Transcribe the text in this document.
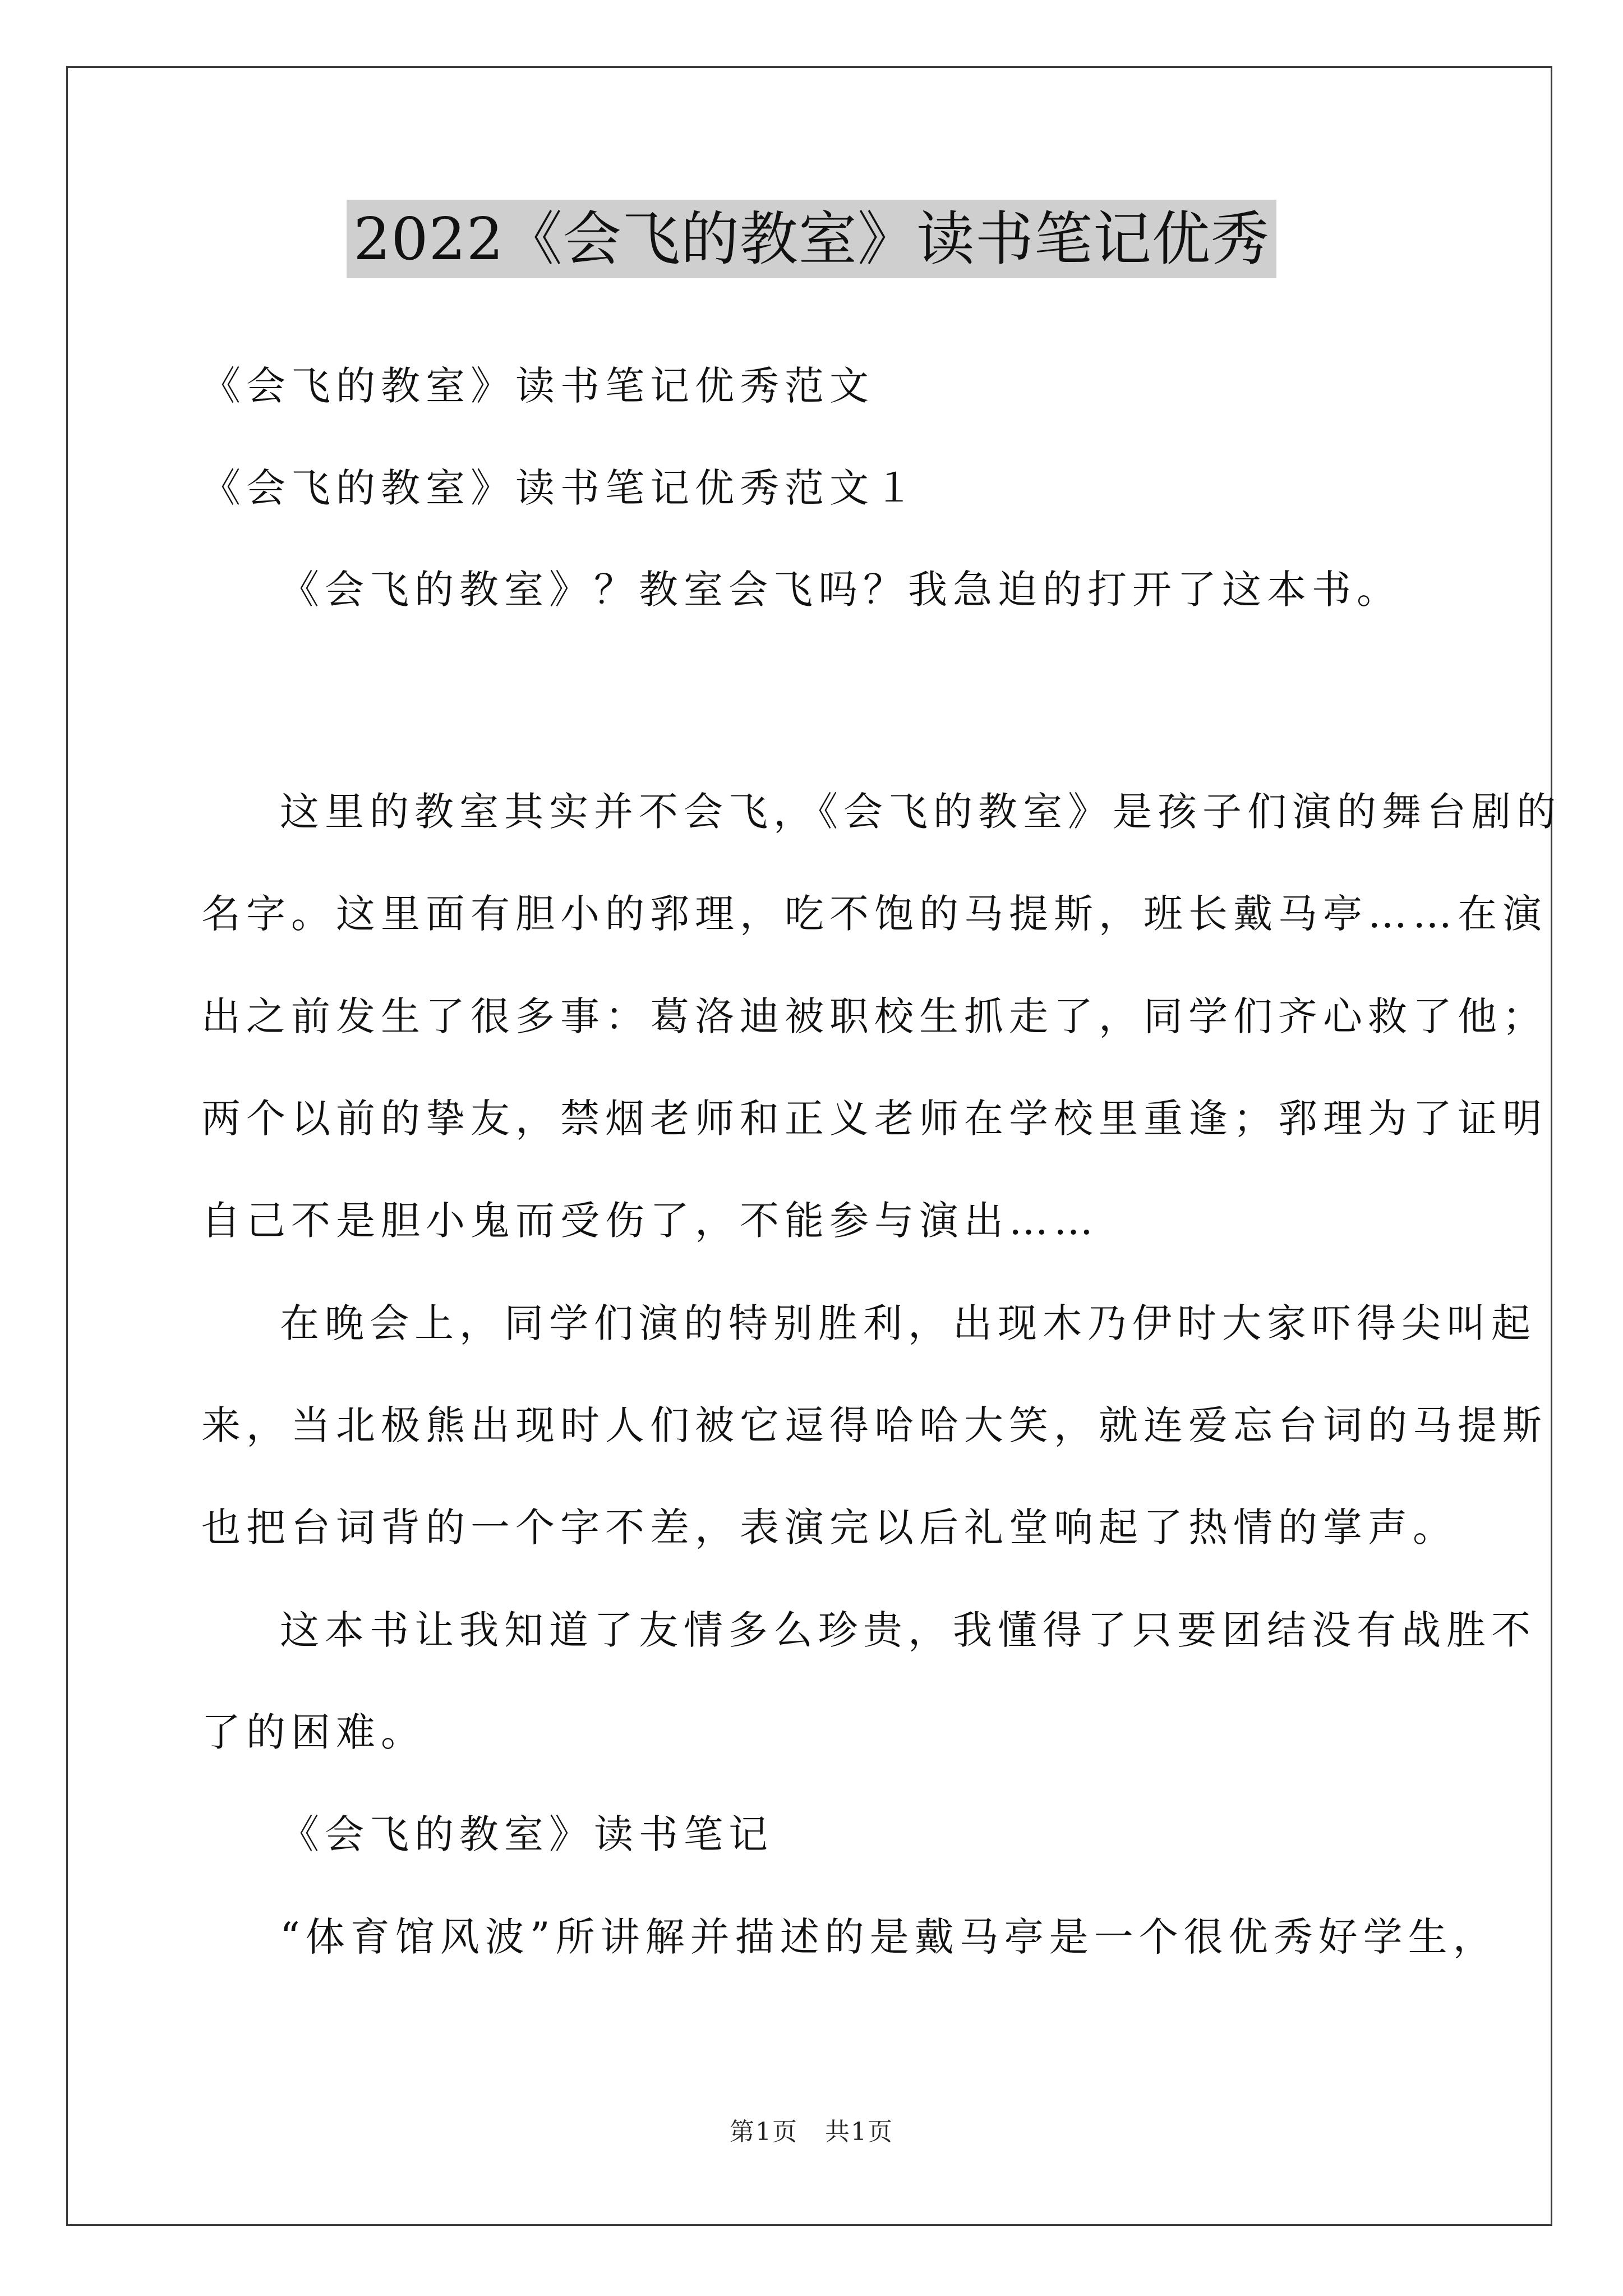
2022《会飞的教室》读书笔记优秀
《会飞的教室》读书笔记优秀范文
《会飞的教室》读书笔记优秀范文１
《会飞的教室》？教室会飞吗？我急迫的打开了这本书。
这里的教室其实并不会飞，《会飞的教室》是孩子们演的舞台剧的
名字。这里面有胆小的郛理，吃不饱的马提斯，班长戴马亭……在演
出之前发生了很多事：葛洛迪被职校生抓走了，同学们齐心救了他；
两个以前的挚友，禁烟老师和正义老师在学校里重逢；郛理为了证明
自己不是胆小鬼而受伤了，不能参与演出……
在晚会上，同学们演的特别胜利，出现木乃伊时大家吓得尖叫起
来，当北极熊出现时人们被它逗得哈哈大笑，就连爱忘台词的马提斯
也把台词背的一个字不差，表演完以后礼堂响起了热情的掌声。
这本书让我知道了友情多么珍贵，我懂得了只要团结没有战胜不
了的困难。
《会飞的教室》读书笔记
“体育馆风波”所讲解并描述的是戴马亭是一个很优秀好学生，
第1页 共1页
